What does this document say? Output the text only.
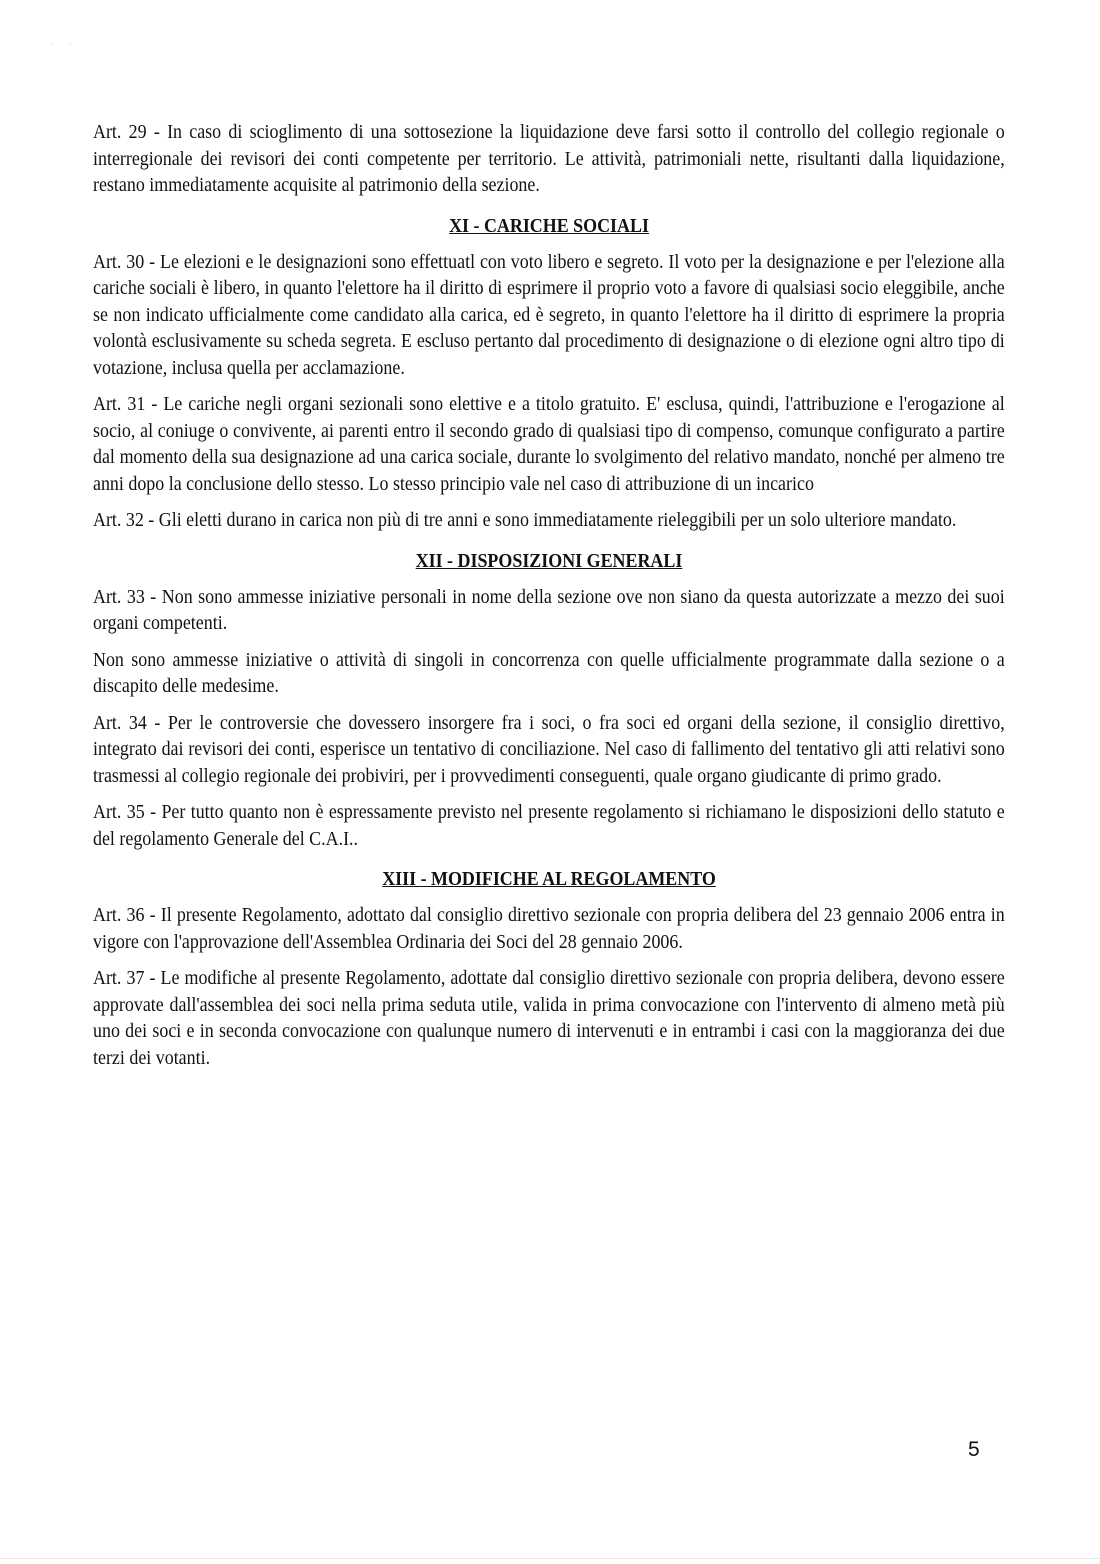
· ·

Art. 29 - In caso di scioglimento di una sottosezione la liquidazione deve farsi sotto il controllo del collegio regionale o interregionale dei revisori dei conti competente per territorio. Le attività, patrimoniali nette, risultanti dalla liquidazione, restano immediatamente acquisite al patrimonio della sezione.

XI - CARICHE SOCIALI

Art. 30 - Le elezioni e le designazioni sono effettuatl con voto libero e segreto. Il voto per la designazione e per l'elezione alla cariche sociali è libero, in quanto l'elettore ha il diritto di esprimere il proprio voto a favore di qualsiasi socio eleggibile, anche se non indicato ufficialmente come candidato alla carica, ed è segreto, in quanto l'elettore ha il diritto di esprimere la propria volontà esclusivamente su scheda segreta. E escluso pertanto dal procedimento di designazione o di elezione ogni altro tipo di votazione, inclusa quella per acclamazione.

Art. 31 - Le cariche negli organi sezionali sono elettive e a titolo gratuito. E' esclusa, quindi, l'attribuzione e l'erogazione al socio, al coniuge o convivente, ai parenti entro il secondo grado di qualsiasi tipo di compenso, comunque configurato a partire dal momento della sua designazione ad una carica sociale, durante lo svolgimento del relativo mandato, nonché per almeno tre anni dopo la conclusione dello stesso. Lo stesso principio vale nel caso di attribuzione di un incarico

Art. 32 - Gli eletti durano in carica non più di tre anni e sono immediatamente rieleggibili per un solo ulteriore mandato.

XII - DISPOSIZIONI GENERALI

Art. 33 - Non sono ammesse iniziative personali in nome della sezione ove non siano da questa autorizzate a mezzo dei suoi organi competenti.

Non sono ammesse iniziative o attività di singoli in concorrenza con quelle ufficialmente programmate dalla sezione o a discapito delle medesime.

Art. 34 - Per le controversie che dovessero insorgere fra i soci, o fra soci ed organi della sezione, il consiglio direttivo, integrato dai revisori dei conti, esperisce un tentativo di conciliazione. Nel caso di fallimento del tentativo gli atti relativi sono trasmessi al collegio regionale dei probiviri, per i provvedimenti conseguenti, quale organo giudicante di primo grado.

Art. 35 - Per tutto quanto non è espressamente previsto nel presente regolamento si richiamano le disposizioni dello statuto e del regolamento Generale del C.A.I..

XIII - MODIFICHE AL REGOLAMENTO

Art. 36 - Il presente Regolamento, adottato dal consiglio direttivo sezionale con propria delibera del 23 gennaio 2006 entra in vigore con l'approvazione dell'Assemblea Ordinaria dei Soci del 28 gennaio 2006.

Art. 37 - Le modifiche al presente Regolamento, adottate dal consiglio direttivo sezionale con propria delibera, devono essere approvate dall'assemblea dei soci nella prima seduta utile, valida in prima convocazione con l'intervento di almeno metà più uno dei soci e in seconda convocazione con qualunque numero di intervenuti e in entrambi i casi con la maggioranza dei due terzi dei votanti.

5
